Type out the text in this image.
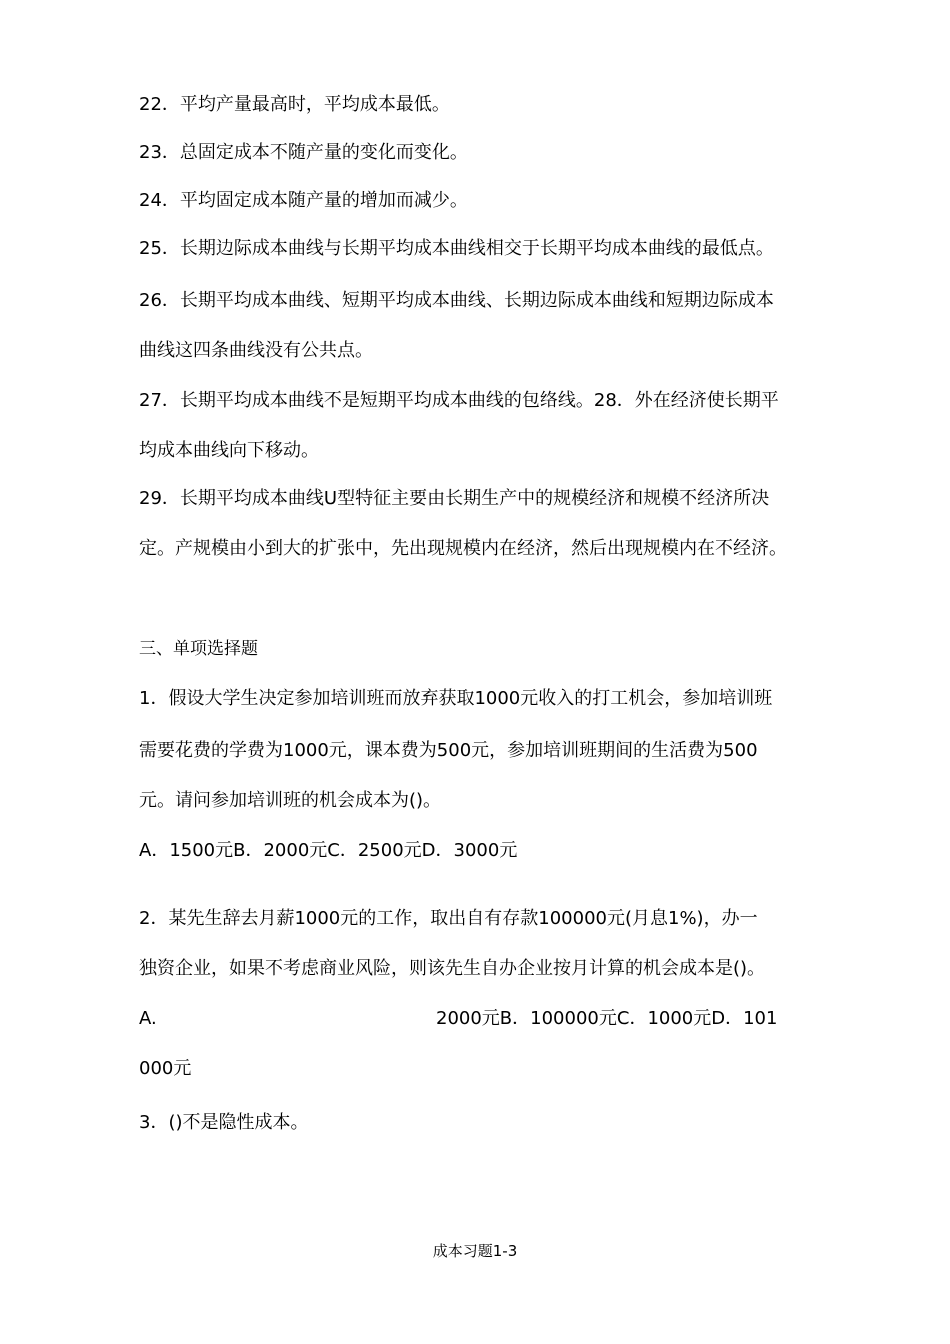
22．平均产量最高时，平均成本最低。
23．总固定成本不随产量的变化而变化。
24．平均固定成本随产量的增加而减少。
25．长期边际成本曲线与长期平均成本曲线相交于长期平均成本曲线的最低点。
26．长期平均成本曲线、短期平均成本曲线、长期边际成本曲线和短期边际成本
曲线这四条曲线没有公共点。
27．长期平均成本曲线不是短期平均成本曲线的包络线。28．外在经济使长期平
均成本曲线向下移动。
29．长期平均成本曲线U型特征主要由长期生产中的规模经济和规模不经济所决
定。产规模由小到大的扩张中，先出现规模内在经济，然后出现规模内在不经济。
三、单项选择题
1．假设大学生决定参加培训班而放弃获取1000元收入的打工机会，参加培训班
需要花费的学费为1000元，课本费为500元，参加培训班期间的生活费为500
元。请问参加培训班的机会成本为()。
A．1500元B．2000元C．2500元D．3000元
2．某先生辞去月薪1000元的工作，取出自有存款100000元(月息1%)，办一
独资企业，如果不考虑商业风险，则该先生自办企业按月计算的机会成本是()。
A.	2000元B．100000元C．1000元D．101
000元
3．()不是隐性成本。
成本习题1-3
